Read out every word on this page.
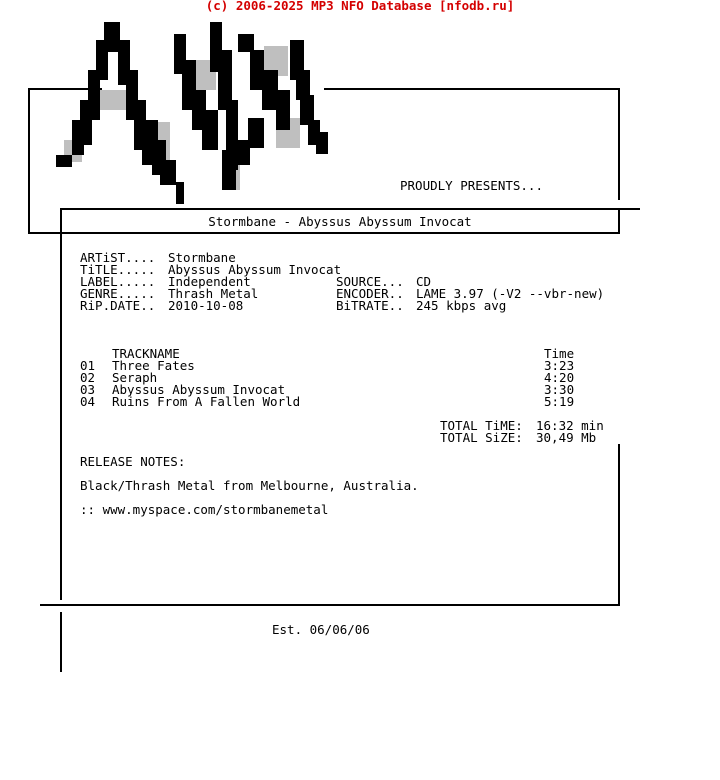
(c) 2006-2025 MP3 NFO Database [nfodb.ru]
PROUDLY PRESENTS...
Stormbane - Abyssus Abyssum Invocat
ARTiST.... Stormbane
TiTLE..... Abyssus Abyssum Invocat
LABEL..... Independent
GENRE..... Thrash Metal
RiP.DATE.. 2010-10-08
SOURCE... CD
ENCODER.. LAME 3.97 (-V2 --vbr-new)
BiTRATE.. 245 kbps avg
TRACKNAME	Time
01 Three Fates	3:23
02 Seraph	4:20
03 Abyssus Abyssum Invocat	3:30
04 Ruins From A Fallen World	5:19
TOTAL TiME: 16:32 min
TOTAL SiZE: 30,49 Mb
RELEASE NOTES:
Black/Thrash Metal from Melbourne, Australia.
:: www.myspace.com/stormbanemetal
Est. 06/06/06
